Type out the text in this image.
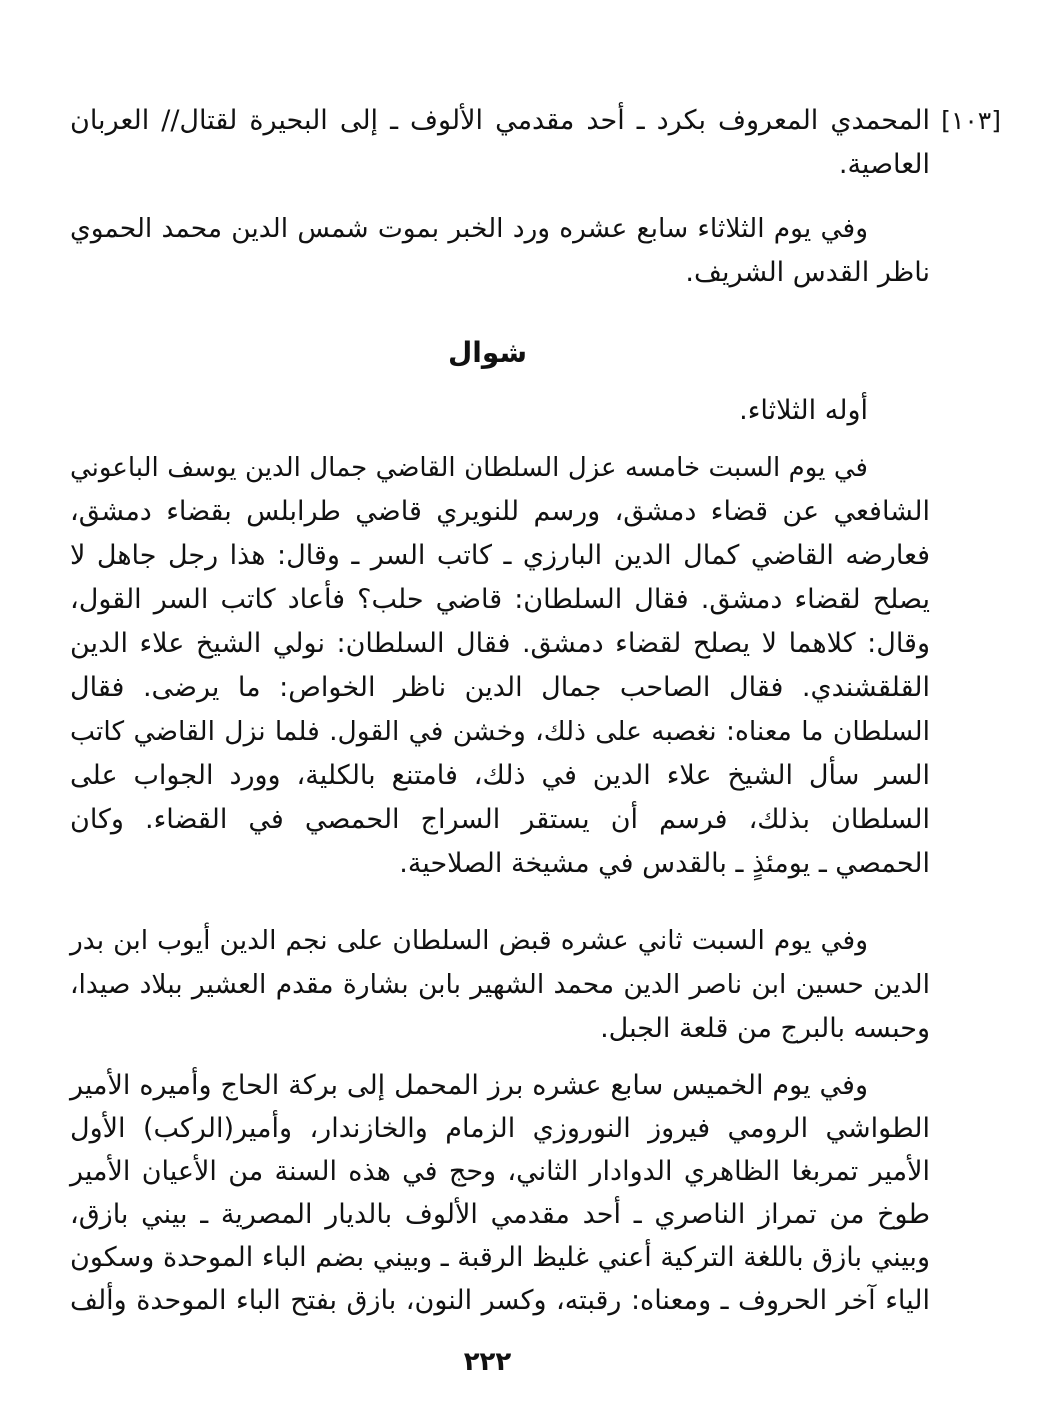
[١٠٣]
المحمدي المعروف بكرد ـ أحد مقدمي الألوف ـ إلى البحيرة لقتال// العربان
العاصية.
وفي يوم الثلاثاء سابع عشره ورد الخبر بموت شمس الدين محمد الحموي
ناظر القدس الشريف.
شوال
أوله الثلاثاء.
في يوم السبت خامسه عزل السلطان القاضي جمال الدين يوسف الباعوني
الشافعي عن قضاء دمشق، ورسم للنويري قاضي طرابلس بقضاء دمشق،
فعارضه القاضي كمال الدين البارزي ـ كاتب السر ـ وقال: هذا رجل جاهل لا
يصلح لقضاء دمشق. فقال السلطان: قاضي حلب؟ فأعاد كاتب السر القول،
وقال: كلاهما لا يصلح لقضاء دمشق. فقال السلطان: نولي الشيخ علاء الدين
القلقشندي. فقال الصاحب جمال الدين ناظر الخواص: ما يرضى. فقال
السلطان ما معناه: نغصبه على ذلك، وخشن في القول. فلما نزل القاضي كاتب
السر سأل الشيخ علاء الدين في ذلك، فامتنع بالكلية، وورد الجواب على
السلطان بذلك، فرسم أن يستقر السراج الحمصي في القضاء. وكان
الحمصي ـ يومئذٍ ـ بالقدس في مشيخة الصلاحية.
وفي يوم السبت ثاني عشره قبض السلطان على نجم الدين أيوب ابن بدر
الدين حسين ابن ناصر الدين محمد الشهير بابن بشارة مقدم العشير ببلاد صيدا،
وحبسه بالبرج من قلعة الجبل.
وفي يوم الخميس سابع عشره برز المحمل إلى بركة الحاج وأميره الأمير
الطواشي الرومي فيروز النوروزي الزمام والخازندار، وأمير(الركب) الأول
الأمير تمربغا الظاهري الدوادار الثاني، وحج في هذه السنة من الأعيان الأمير
طوخ من تمراز الناصري ـ أحد مقدمي الألوف بالديار المصرية ـ بيني بازق،
وبيني بازق باللغة التركية أعني غليظ الرقبة ـ وبيني بضم الباء الموحدة وسكون
الياء آخر الحروف ـ ومعناه: رقبته، وكسر النون، بازق بفتح الباء الموحدة وألف
٢٢٢
